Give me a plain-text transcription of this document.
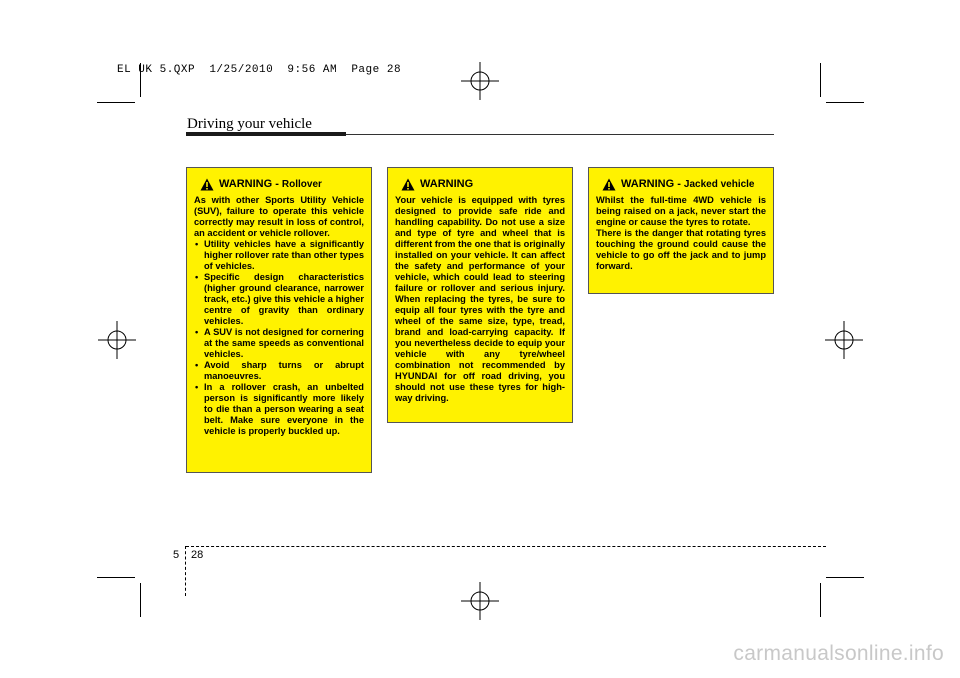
EL UK 5.QXP  1/25/2010  9:56 AM  Page 28
Driving your vehicle
WARNING - Rollover

As with other Sports Utility Vehicle (SUV), failure to operate this vehicle correctly may result in loss of control, an accident or vehicle rollover.

• Utility vehicles have a significantly higher rollover rate than other types of vehicles.
• Specific design characteristics (higher ground clearance, narrower track, etc.) give this vehicle a higher centre of gravity than ordinary vehicles.
• A SUV is not designed for cornering at the same speeds as conventional vehicles.
• Avoid sharp turns or abrupt manoeuvres.
• In a rollover crash, an unbelted person is significantly more likely to die than a person wearing a seat belt. Make sure everyone in the vehicle is properly buckled up.
WARNING

Your vehicle is equipped with tyres designed to provide safe ride and handling capability. Do not use a size and type of tyre and wheel that is different from the one that is originally installed on your vehicle. It can affect the safety and performance of your vehicle, which could lead to steering failure or rollover and serious injury. When replacing the tyres, be sure to equip all four tyres with the tyre and wheel of the same size, type, tread, brand and load-carrying capacity. If you nevertheless decide to equip your vehicle with any tyre/wheel combination not recommended by HYUNDAI for off road driving, you should not use these tyres for high-way driving.

WARNING - Jacked vehicle

Whilst the full-time 4WD vehicle is being raised on a jack, never start the engine or cause the tyres to rotate.

There is the danger that rotating tyres touching the ground could cause the vehicle to go off the jack and to jump forward.

5 28
carmanualsonline.info
